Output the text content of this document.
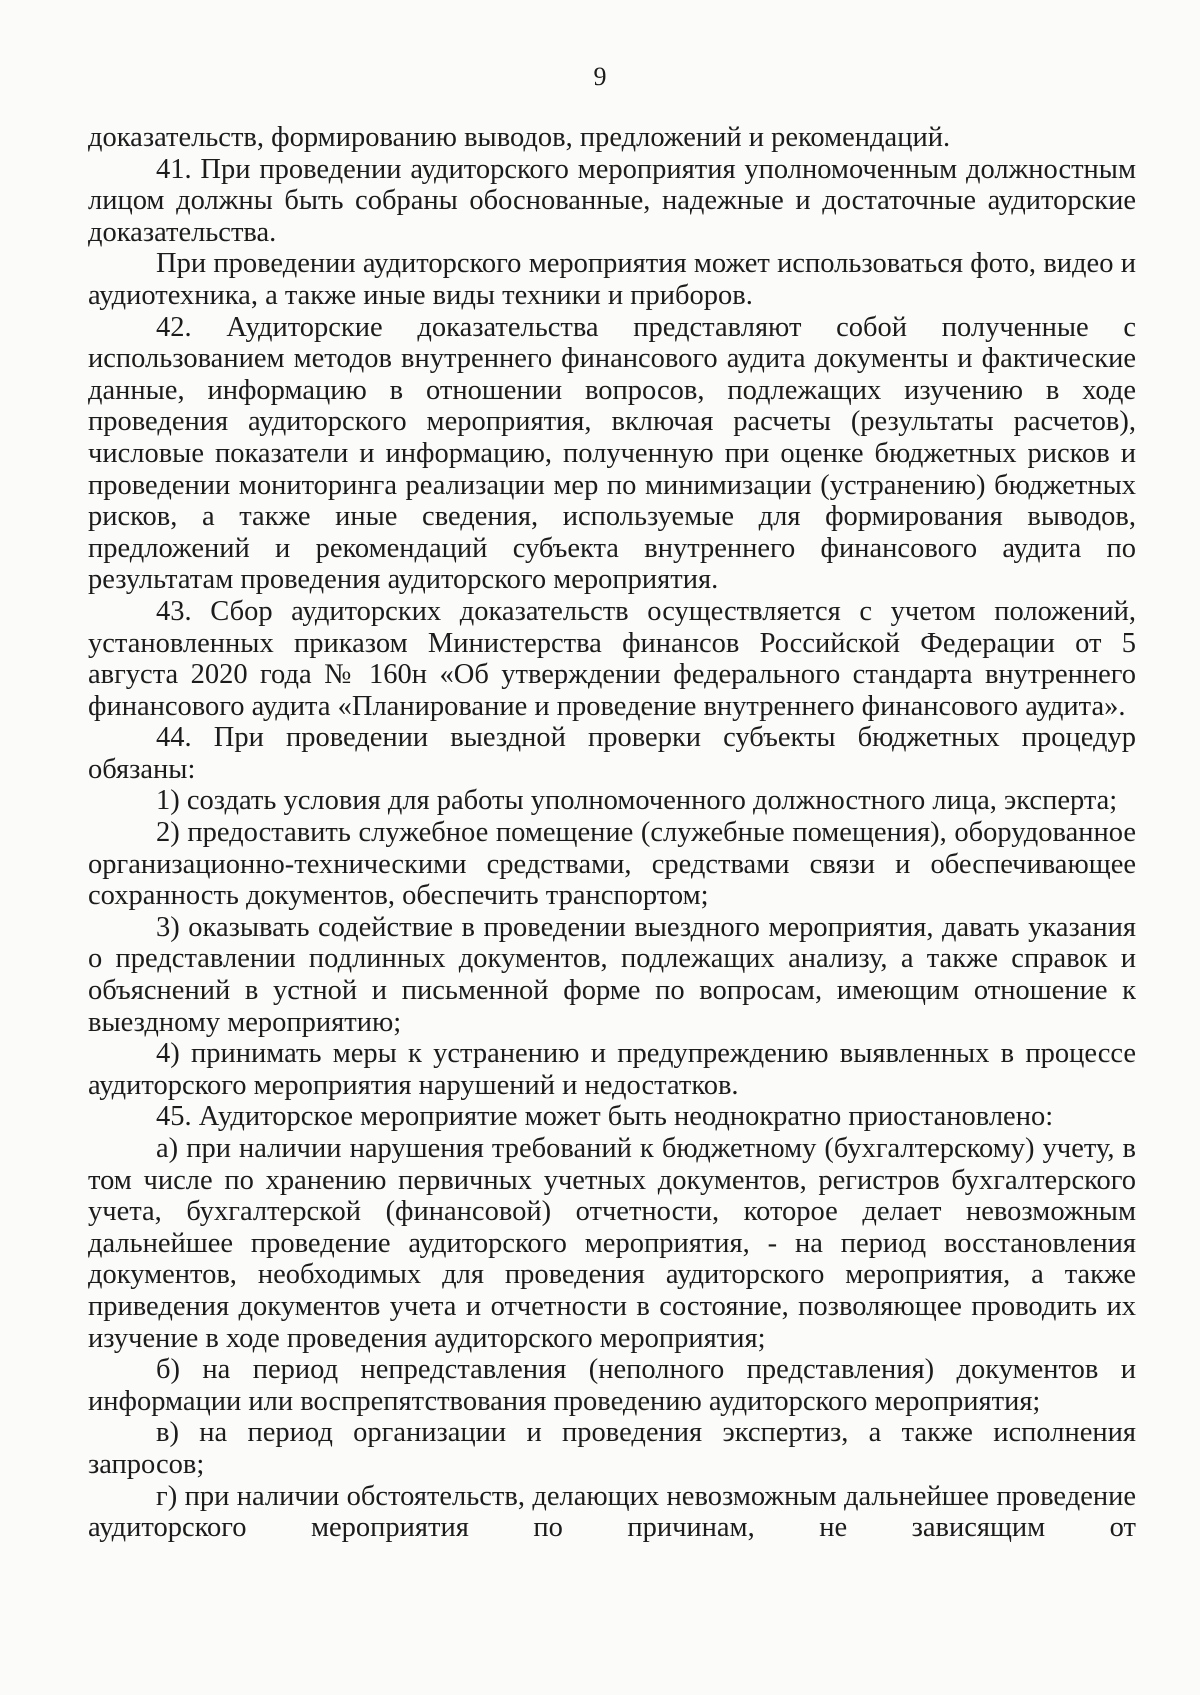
9

доказательств, формированию выводов, предложений и рекомендаций.

41. При проведении аудиторского мероприятия уполномоченным должностным лицом должны быть собраны обоснованные, надежные и достаточные аудиторские доказательства.

При проведении аудиторского мероприятия может использоваться фото, видео и аудиотехника, а также иные виды техники и приборов.

42. Аудиторские доказательства представляют собой полученные с использованием методов внутреннего финансового аудита документы и фактические данные, информацию в отношении вопросов, подлежащих изучению в ходе проведения аудиторского мероприятия, включая расчеты (результаты расчетов), числовые показатели и информацию, полученную при оценке бюджетных рисков и проведении мониторинга реализации мер по минимизации (устранению) бюджетных рисков, а также иные сведения, используемые для формирования выводов, предложений и рекомендаций субъекта внутреннего финансового аудита по результатам проведения аудиторского мероприятия.

43. Сбор аудиторских доказательств осуществляется с учетом положений, установленных приказом Министерства финансов Российской Федерации от 5 августа 2020 года № 160н «Об утверждении федерального стандарта внутреннего финансового аудита «Планирование и проведение внутреннего финансового аудита».

44. При проведении выездной проверки субъекты бюджетных процедур обязаны:

1) создать условия для работы уполномоченного должностного лица, эксперта;

2) предоставить служебное помещение (служебные помещения), оборудованное организационно-техническими средствами, средствами связи и обеспечивающее сохранность документов, обеспечить транспортом;

3) оказывать содействие в проведении выездного мероприятия, давать указания о представлении подлинных документов, подлежащих анализу, а также справок и объяснений в устной и письменной форме по вопросам, имеющим отношение к выездному мероприятию;

4) принимать меры к устранению и предупреждению выявленных в процессе аудиторского мероприятия нарушений и недостатков.

45. Аудиторское мероприятие может быть неоднократно приостановлено:

а) при наличии нарушения требований к бюджетному (бухгалтерскому) учету, в том числе по хранению первичных учетных документов, регистров бухгалтерского учета, бухгалтерской (финансовой) отчетности, которое делает невозможным дальнейшее проведение аудиторского мероприятия, - на период восстановления документов, необходимых для проведения аудиторского мероприятия, а также приведения документов учета и отчетности в состояние, позволяющее проводить их изучение в ходе проведения аудиторского мероприятия;

б) на период непредставления (неполного представления) документов и информации или воспрепятствования проведению аудиторского мероприятия;

в) на период организации и проведения экспертиз, а также исполнения запросов;

г) при наличии обстоятельств, делающих невозможным дальнейшее проведение аудиторского мероприятия по причинам, не зависящим от
